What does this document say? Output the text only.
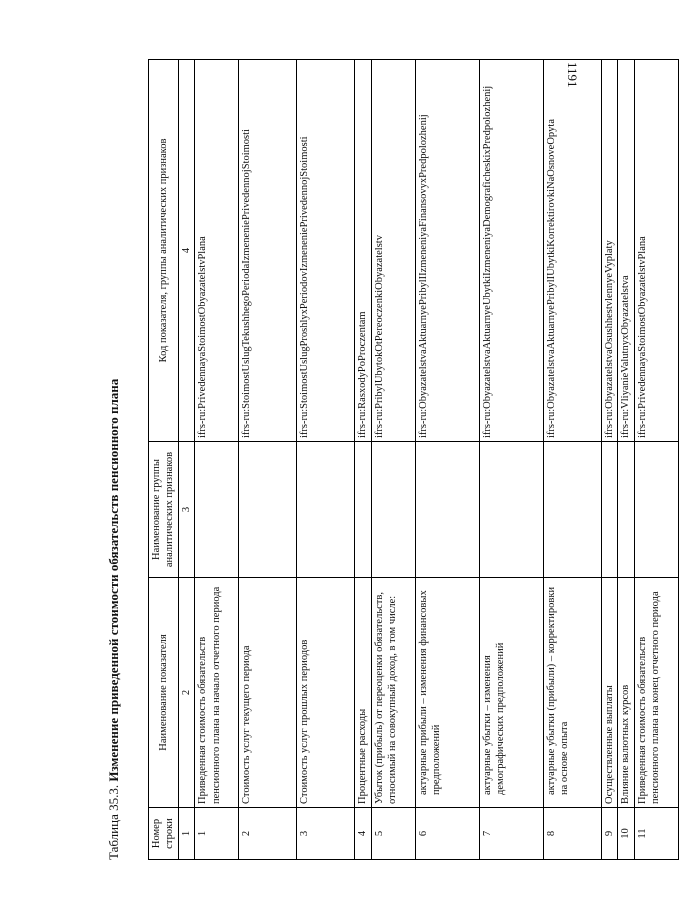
1191
Таблица 35.3. Изменение приведенной стоимости обязательств пенсионного плана
Номер строки	Наименование показателя	Наименование группы аналитических признаков	Код показателя, группы аналитических признаков
1	2	3	4
1	Приведенная стоимость обязательств пенсионного плана на начало отчетного периода		ifrs-ru:PrivedennayaStoimostObyazatelstvPlana
2	Стоимость услуг текущего периода		ifrs-ru:StoimostUslugTekushhegoPeriodaIzmeneniePrivedennojStoimosti
3	Стоимость услуг прошлых периодов		ifrs-ru:StoimostUslugProshlyxPeriodovIzmeneniePrivedennojStoimosti
4	Процентные расходы		ifrs-ru:RasxodyPoProczentam
5	Убыток (прибыль) от переоценки обязательств, относимый на совокупный доход, в том числе:		ifrs-ru:PribylUbytokOtPereoczenkiObyazatelstv
6	актуарные прибыли – изменения финансовых предположений		ifrs-ru:ObyazatelstvaAktuarnyePribylIIzmeneniyaFinansovyxPredpolozhenij
7	актуарные убытки – изменения демографических предположений		ifrs-ru:ObyazatelstvaAktuarnyeUbytkiIzmeneniyaDemograficheskixPredpolozhenij
8	актуарные убытки (прибыли) – корректировки на основе опыта		ifrs-ru:ObyazatelstvaAktuarnyePribylIUbytkiKorrektirovkiNaOsnoveOpyta
9	Осуществленные выплаты		ifrs-ru:ObyazatelstvaOsushhestvlennyeVyplaty
10	Влияние валютных курсов		ifrs-ru:VliyanieValutnyxObyazatelstva
11	Приведенная стоимость обязательств пенсионного плана на конец отчетного периода		ifrs-ru:PrivedennayaStoimostObyazatelstvPlana
